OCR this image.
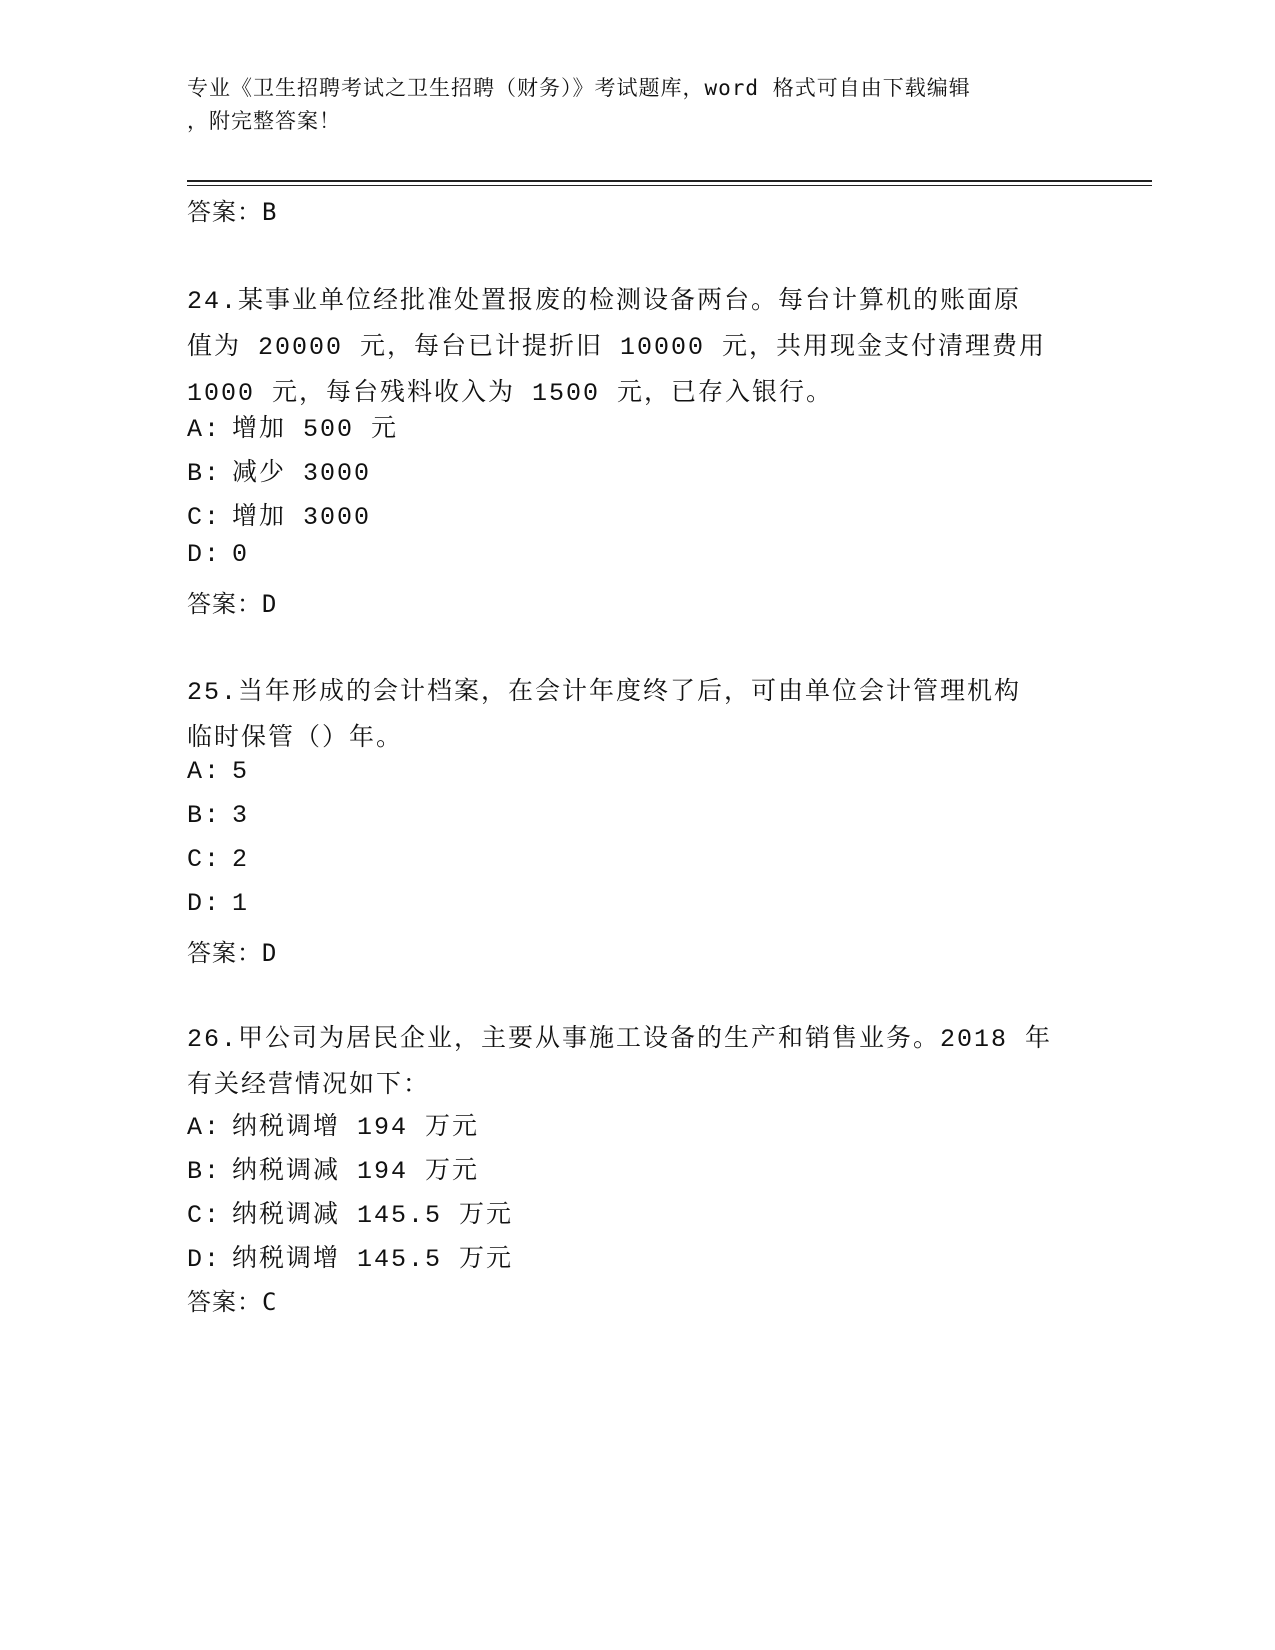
专业《卫生招聘考试之卫生招聘（财务）》考试题库，word 格式可自由下载编辑
，附完整答案！
答案：B
24.某事业单位经批准处置报废的检测设备两台。每台计算机的账面原
值为 20000 元，每台已计提折旧 10000 元，共用现金支付清理费用
1000 元，每台残料收入为 1500 元，已存入银行。
A: 增加 500 元
B: 减少 3000
C: 增加 3000
D: 0
答案：D
25.当年形成的会计档案，在会计年度终了后，可由单位会计管理机构
临时保管（）年。
A: 5
B: 3
C: 2
D: 1
答案：D
26.甲公司为居民企业，主要从事施工设备的生产和销售业务。2018 年
有关经营情况如下：
A: 纳税调增 194 万元
B: 纳税调减 194 万元
C: 纳税调减 145.5 万元
D: 纳税调增 145.5 万元
答案：C
